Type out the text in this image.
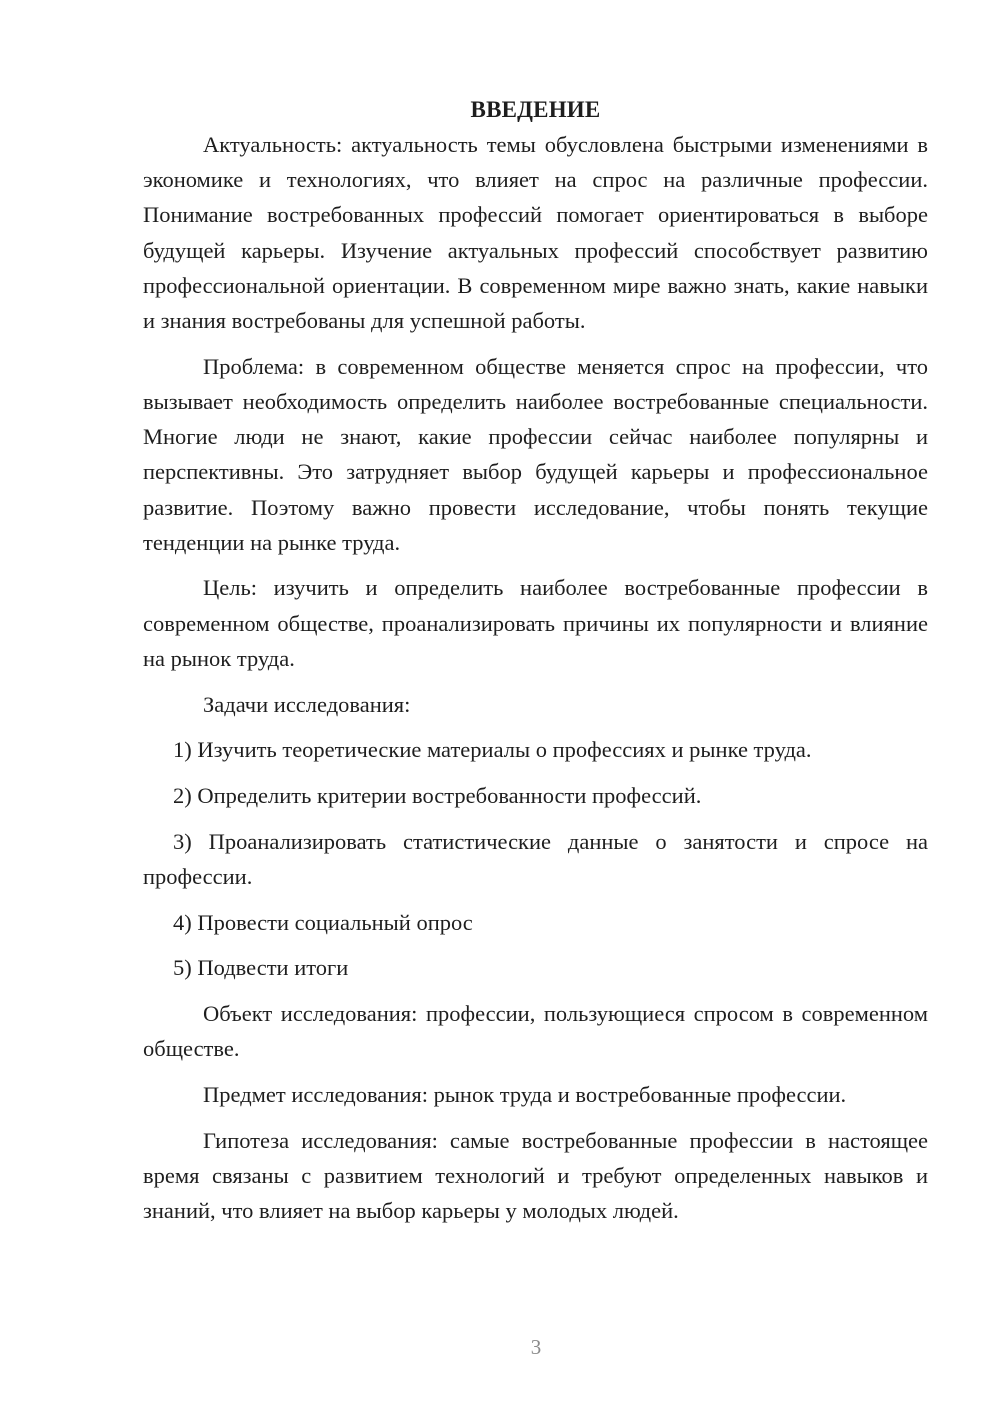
ВВЕДЕНИЕ

Актуальность: актуальность темы обусловлена быстрыми изменениями в экономике и технологиях, что влияет на спрос на различные профессии. Понимание востребованных профессий помогает ориентироваться в выборе будущей карьеры. Изучение актуальных профессий способствует развитию профессиональной ориентации. В современном мире важно знать, какие навыки и знания востребованы для успешной работы.

Проблема: в современном обществе меняется спрос на профессии, что вызывает необходимость определить наиболее востребованные специальности. Многие люди не знают, какие профессии сейчас наиболее популярны и перспективны. Это затрудняет выбор будущей карьеры и профессиональное развитие. Поэтому важно провести исследование, чтобы понять текущие тенденции на рынке труда.

Цель: изучить и определить наиболее востребованные профессии в современном обществе, проанализировать причины их популярности и влияние на рынок труда.

Задачи исследования:

1) Изучить теоретические материалы о профессиях и рынке труда.

2) Определить критерии востребованности профессий.

3) Проанализировать статистические данные о занятости и спросе на профессии.

4) Провести социальный опрос

5) Подвести итоги

Объект исследования: профессии, пользующиеся спросом в современном обществе.

Предмет исследования: рынок труда и востребованные профессии.

Гипотеза исследования: самые востребованные профессии в настоящее время связаны с развитием технологий и требуют определенных навыков и знаний, что влияет на выбор карьеры у молодых людей.

3
